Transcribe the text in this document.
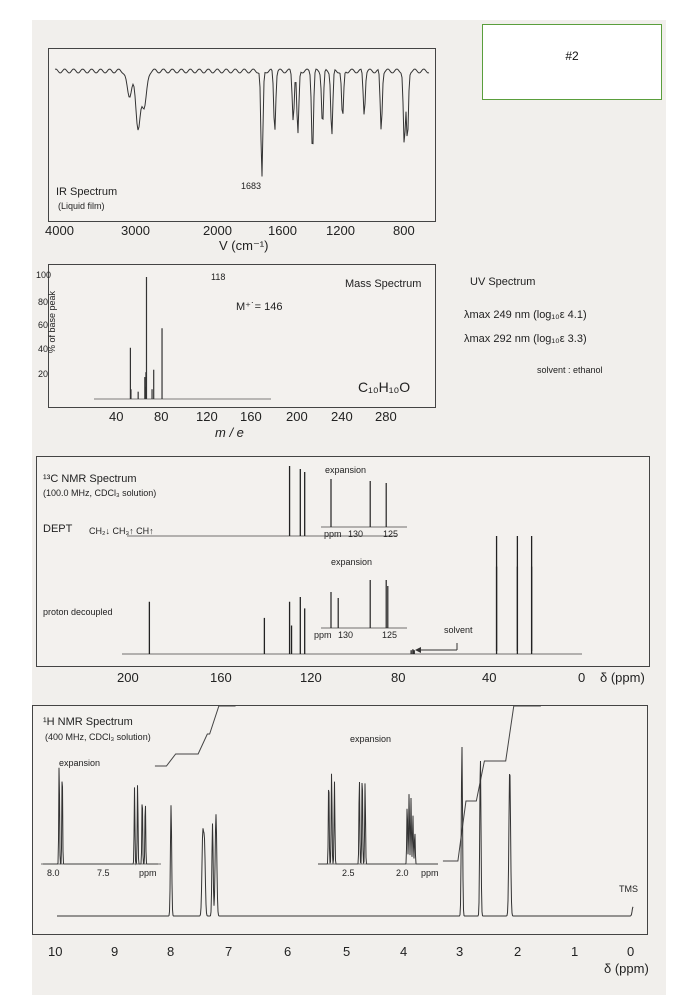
#2
IR Spectrum
(Liquid film)
1683
4000	3000	2000	1600 1200	800
V (cm⁻¹)
Mass Spectrum
118
M⁺˙= 146
C₁₀H₁₀O
% of base peak
100
80
60
40
20
40 80 120 160 200 240 280
m / e
UV Spectrum
λmax 249 nm (log₁₀ε 4.1)
λmax 292 nm (log₁₀ε 3.3)
solvent : ethanol
¹³C NMR Spectrum
(100.0 MHz, CDCl₃ solution)
DEPT CH₂↓ CH₃↑ CH↑
proton decoupled
expansion
ppm 130 125
expansion
ppm 130	125	solvent
200	160	120	80	40	0 δ (ppm)
¹H NMR Spectrum
(400 MHz, CDCl₃ solution)
expansion
expansion
8.0	7.5	ppm	2.5	2.0 ppm
TMS
10	9	8	7	6	5	4	3	2	1	0
δ (ppm)
